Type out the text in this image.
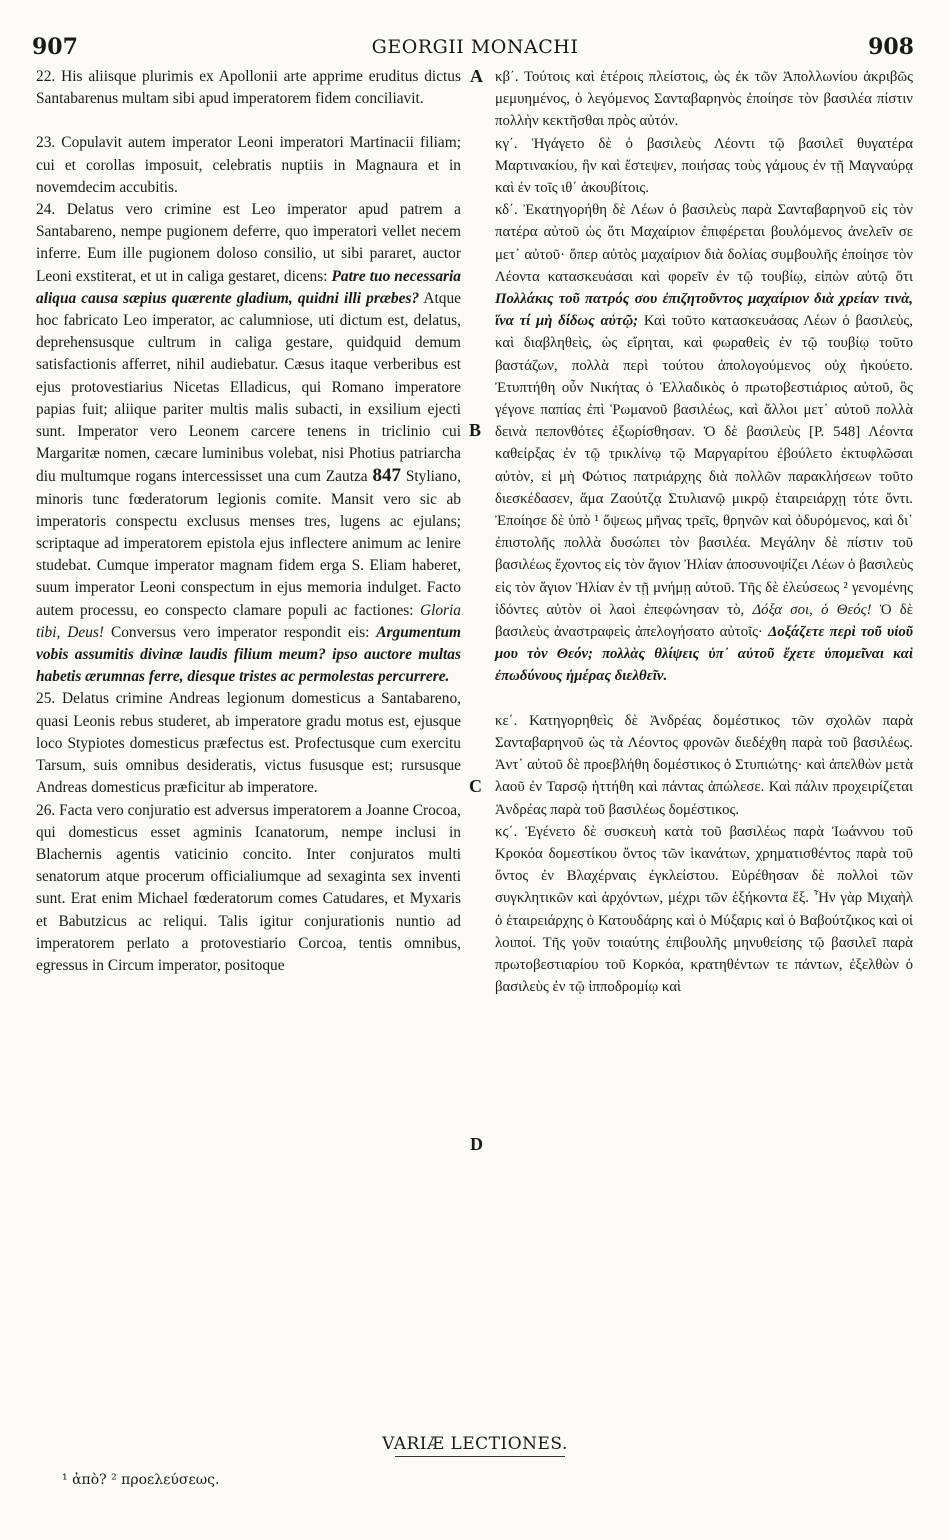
907	GEORGII MONACHI	908

22. His aliisque plurimis ex Apollonii arte apprime eruditus dictus Santabarenus multam sibi apud imperatorem fidem conciliavit.

23. Copulavit autem imperator Leoni imperatori Martinacii filiam; cui et corollas imposuit, celebratis nuptiis in Magnaura et in novemdecim accubitis.

24. Delatus vero crimine est Leo imperator apud patrem a Santabareno, nempe pugionem deferre, quo imperatori vellet necem inferre. Eum ille pugionem doloso consilio, ut sibi pararet, auctor Leoni exstiterat, et ut in caliga gestaret, dicens: Patre tuo necessaria aliqua causa sæpius quærente gladium, quidni illi præbes? Atque hoc fabricato Leo imperator, ac calumniose, uti dictum est, delatus, deprehensusque cultrum in caliga gestare, quidquid demum satisfactionis afferret, nihil audiebatur. Cæsus itaque verberibus est ejus protovestiarius Nicetas Elladicus, qui Romano imperatore papias fuit; aliique pariter multis malis subacti, in exsilium ejecti sunt. Imperator vero Leonem carcere tenens in triclinio cui Margaritæ nomen, cæcare luminibus volebat, nisi Photius patriarcha diu multumque rogans intercessisset una cum Zautza 847 Styliano, minoris tunc fœderatorum legionis comite. Mansit vero sic ab imperatoris conspectu exclusus menses tres, lugens ac ejulans; scriptaque ad imperatorem epistola ejus inflectere animum ac lenire studebat. Cumque imperator magnam fidem erga S. Eliam haberet, suum imperator Leoni conspectum in ejus memoria indulget. Facto autem processu, eo conspecto clamare populi ac factiones: Gloria tibi, Deus! Conversus vero imperator respondit eis: Argumentum vobis assumitis divinæ laudis filium meum? ipso auctore multas habetis ærumnas ferre, diesque tristes ac permolestas percurrere.

25. Delatus crimine Andreas legionum domesticus a Santabareno, quasi Leonis rebus studeret, ab imperatore gradu motus est, ejusque loco Stypiotes domesticus præfectus est. Profectusque cum exercitu Tarsum, suis omnibus desideratis, victus fususque est; rursusque Andreas domesticus præficitur ab imperatore.

26. Facta vero conjuratio est adversus imperatorem a Joanne Crocoa, qui domesticus esset agminis Icanatorum, nempe inclusi in Blachernis agentis vaticinio concito. Inter conjuratos multi senatorum atque procerum officialiumque ad sexaginta sex inventi sunt. Erat enim Michael fœderatorum comes Catudares, et Myxaris et Babutzicus ac reliqui. Talis igitur conjurationis nuntio ad imperatorem perlato a protovestiario Corcoa, tentis omnibus, egressus in Circum imperator, positoque

A
B
C
D

κβ΄. Τούτοις καὶ ἑτέροις πλείστοις, ὡς ἐκ τῶν Ἀπολλωνίου ἀκριβῶς μεμυημένος, ὁ λεγόμενος Σανταβαρηνὸς ἐποίησε τὸν βασιλέα πίστιν πολλὴν κεκτῆσθαι πρὸς αὐτόν.

κγ΄. Ἠγάγετο δὲ ὁ βασιλεὺς Λέοντι τῷ βασιλεῖ θυγατέρα Μαρτινακίου, ἣν καὶ ἔστεψεν, ποιήσας τοὺς γάμους ἐν τῇ Μαγναύρᾳ καὶ ἐν τοῖς ιθ΄ ἀκουβίτοις.

κδ΄. Ἐκατηγορήθη δὲ Λέων ὁ βασιλεὺς παρὰ Σανταβαρηνοῦ εἰς τὸν πατέρα αὐτοῦ ὡς ὅτι Μαχαίριον ἐπιφέρεται βουλόμενος ἀνελεῖν σε μετ᾽ αὐτοῦ· ὅπερ αὐτὸς μαχαίριον διὰ δολίας συμβουλῆς ἐποίησε τὸν Λέοντα κατασκευάσαι καὶ φορεῖν ἐν τῷ τουβίῳ, εἰπὼν αὐτῷ ὅτι Πολλάκις τοῦ πατρός σου ἐπιζητοῦντος μαχαίριον διὰ χρείαν τινὰ, ἵνα τί μὴ δίδως αὐτῷ; Καὶ τοῦτο κατασκευάσας Λέων ὁ βασιλεὺς, καὶ διαβληθεὶς, ὡς εἴρηται, καὶ φωραθεὶς ἐν τῷ τουβίῳ τοῦτο βαστάζων, πολλὰ περὶ τούτου ἀπολογούμενος οὐχ ἠκούετο. Ἐτυπτήθη οὖν Νικήτας ὁ Ἑλλαδικὸς ὁ πρωτοβεστιάριος αὐτοῦ, ὃς γέγονε παπίας ἐπὶ Ῥωμανοῦ βασιλέως, καὶ ἄλλοι μετ᾽ αὐτοῦ πολλὰ δεινὰ πεπονθότες ἐξωρίσθησαν. Ὁ δὲ βασιλεὺς [P. 548] Λέοντα καθείρξας ἐν τῷ τρικλίνῳ τῷ Μαργαρίτου ἐβούλετο ἐκτυφλῶσαι αὐτὸν, εἰ μὴ Φώτιος πατριάρχης διὰ πολλῶν παρακλήσεων τοῦτο διεσκέδασεν, ἅμα Ζαούτζᾳ Στυλιανῷ μικρῷ ἑταιρειάρχῃ τότε ὄντι. Ἐποίησε δὲ ὑπὸ ¹ ὄψεως μῆνας τρεῖς, θρηνῶν καὶ ὀδυρόμενος, καὶ δι᾽ ἐπιστολῆς πολλὰ δυσώπει τὸν βασιλέα. Μεγάλην δὲ πίστιν τοῦ βασιλέως ἔχοντος εἰς τὸν ἅγιον Ἠλίαν ἀποσυνοψίζει Λέων ὁ βασιλεὺς εἰς τὸν ἅγιον Ἠλίαν ἐν τῇ μνήμῃ αὐτοῦ. Τῆς δὲ ἐλεύσεως ² γενομένης ἰδόντες αὐτὸν οἱ λαοὶ ἐπεφώνησαν τὸ, Δόξα σοι, ὁ Θεός! Ὁ δὲ βασιλεὺς ἀναστραφεὶς ἀπελογήσατο αὐτοῖς· Δοξάζετε περὶ τοῦ υἱοῦ μου τὸν Θεόν; πολλὰς θλίψεις ὑπ᾽ αὐτοῦ ἔχετε ὑπομεῖναι καὶ ἐπωδύνους ἡμέρας διελθεῖν.

κε΄. Κατηγορηθεὶς δὲ Ἀνδρέας δομέστικος τῶν σχολῶν παρὰ Σανταβαρηνοῦ ὡς τὰ Λέοντος φρονῶν διεδέχθη παρὰ τοῦ βασιλέως. Ἀντ᾽ αὐτοῦ δὲ προεβλήθη δομέστικος ὁ Στυπιώτης· καὶ ἀπελθὼν μετὰ λαοῦ ἐν Ταρσῷ ἡττήθη καὶ πάντας ἀπώλεσε. Καὶ πάλιν προχειρίζεται Ἀνδρέας παρὰ τοῦ βασιλέως δομέστικος.

κϛ΄. Ἐγένετο δὲ συσκευὴ κατὰ τοῦ βασιλέως παρὰ Ἰωάννου τοῦ Κροκόα δομεστίκου ὄντος τῶν ἱκανάτων, χρηματισθέντος παρὰ τοῦ ὄντος ἐν Βλαχέρναις ἐγκλείστου. Εὑρέθησαν δὲ πολλοὶ τῶν συγκλητικῶν καὶ ἀρχόντων, μέχρι τῶν ἑξήκοντα ἕξ. Ἦν γὰρ Μιχαὴλ ὁ ἑταιρειάρχης ὁ Κατουδάρης καὶ ὁ Μύξαρις καὶ ὁ Βαβούτζικος καὶ οἱ λοιποί. Τῆς γοῦν τοιαύτης ἐπιβουλῆς μηνυθείσης τῷ βασιλεῖ παρὰ πρωτοβεστιαρίου τοῦ Κορκόα, κρατηθέντων τε πάντων, ἐξελθὼν ὁ βασιλεὺς ἐν τῷ ἱπποδρομίῳ καὶ

VARIÆ LECTIONES.
¹ ἀπὸ? ² προελεύσεως.
